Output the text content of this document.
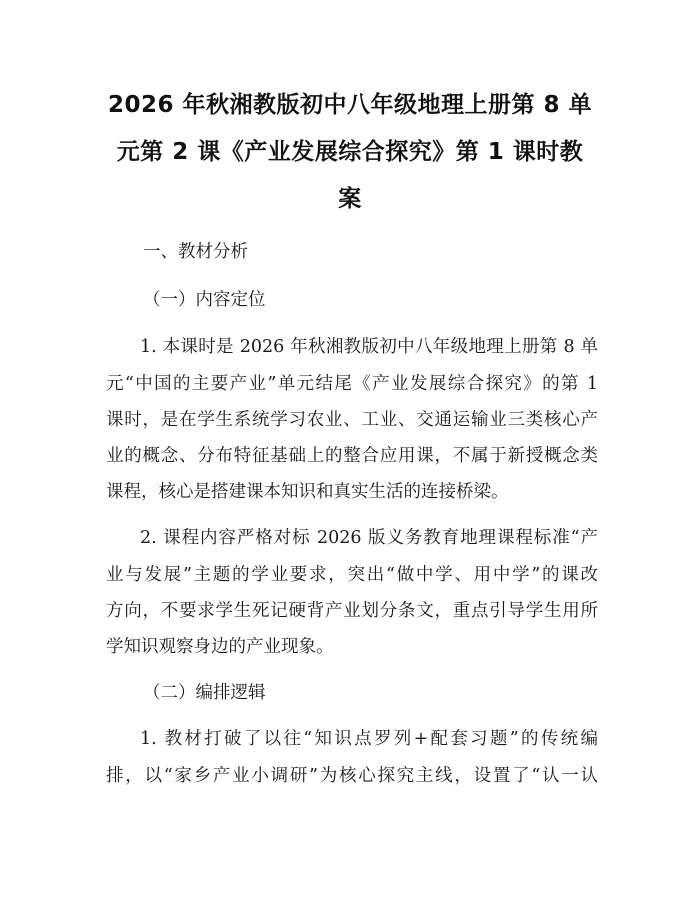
2026 年秋湘教版初中八年级地理上册第 8 单
元第 2 课《产业发展综合探究》第 1 课时教
案
一、教材分析
（一）内容定位
1. 本课时是 2026 年秋湘教版初中八年级地理上册第 8 单
元“中国的主要产业”单元结尾《产业发展综合探究》的第 1
课时，是在学生系统学习农业、工业、交通运输业三类核心产
业的概念、分布特征基础上的整合应用课，不属于新授概念类
课程，核心是搭建课本知识和真实生活的连接桥梁。
2. 课程内容严格对标 2026 版义务教育地理课程标准“产
业与发展”主题的学业要求，突出“做中学、用中学”的课改
方向，不要求学生死记硬背产业划分条文，重点引导学生用所
学知识观察身边的产业现象。
（二）编排逻辑
1. 教材打破了以往“知识点罗列+配套习题”的传统编
排，以“家乡产业小调研”为核心探究主线，设置了“认一认
